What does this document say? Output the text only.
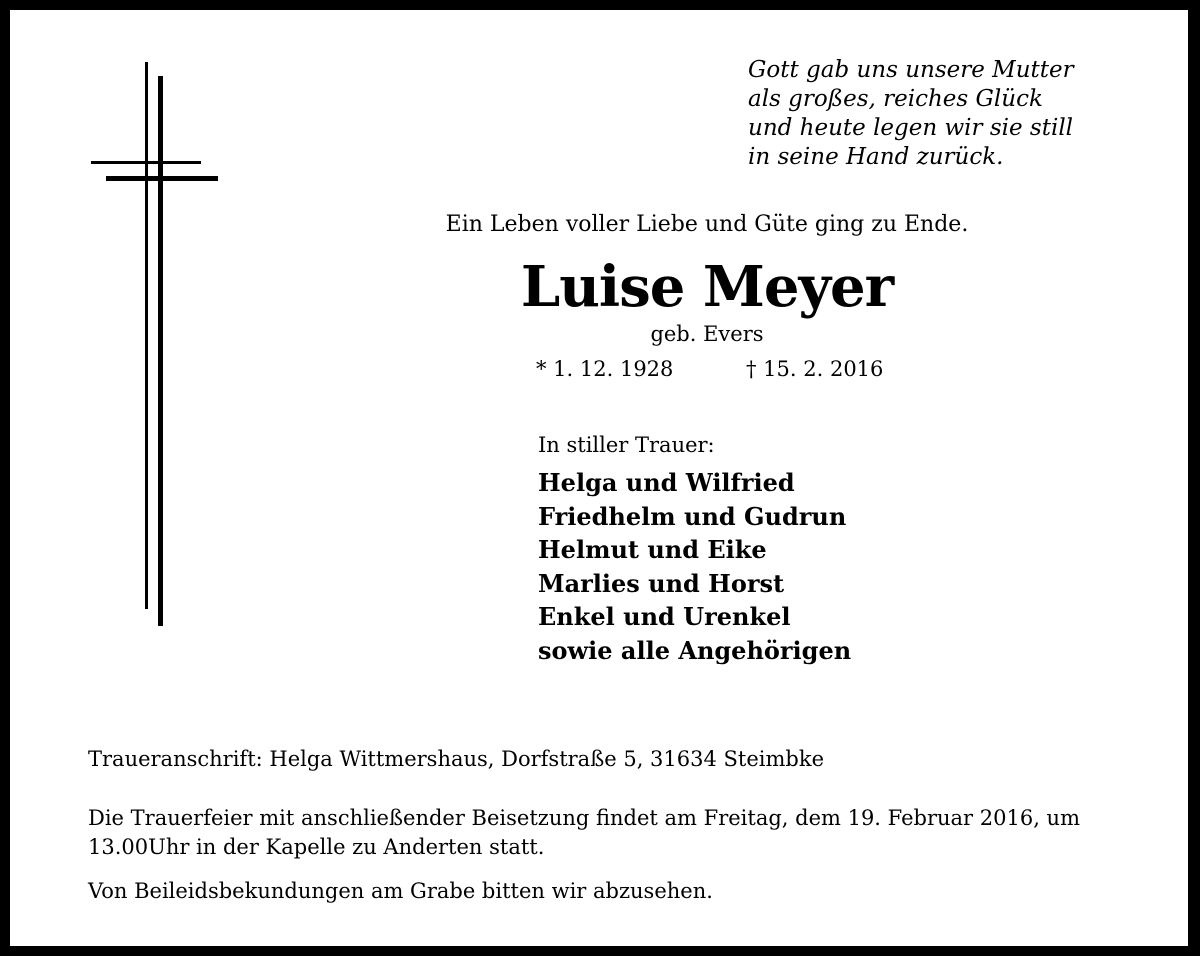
Gott gab uns unsere Mutter
als großes, reiches Glück
und heute legen wir sie still
in seine Hand zurück.
Ein Leben voller Liebe und Güte ging zu Ende.
Luise Meyer
geb. Evers
* 1. 12. 1928	† 15. 2. 2016
In stiller Trauer:
Helga und Wilfried
Friedhelm und Gudrun
Helmut und Eike
Marlies und Horst
Enkel und Urenkel
sowie alle Angehörigen
Traueranschrift: Helga Wittmershaus, Dorfstraße 5, 31634 Steimbke
Die Trauerfeier mit anschließender Beisetzung findet am Freitag, dem 19. Februar 2016, um 13.00Uhr in der Kapelle zu Anderten statt.
Von Beileidsbekundungen am Grabe bitten wir abzusehen.
